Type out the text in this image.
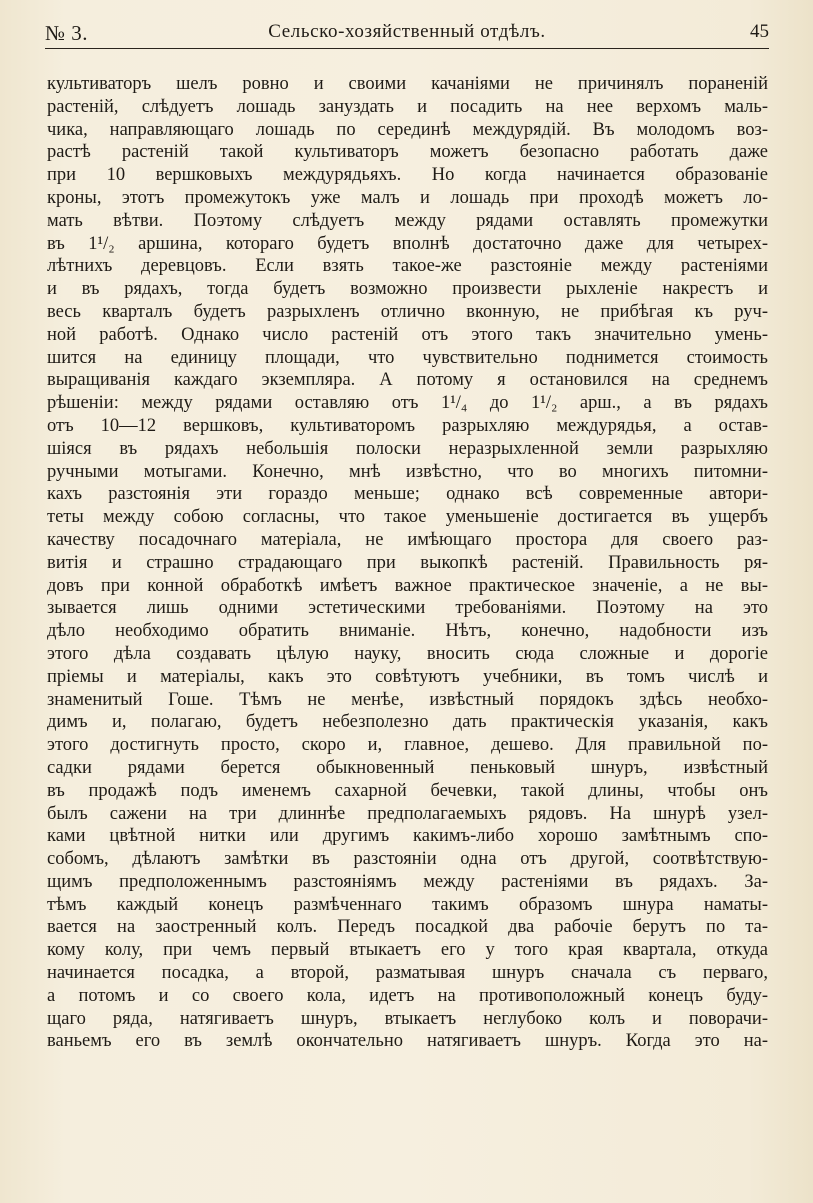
№ 3.	Сельско-хозяйственный отдѣлъ.	45
культиваторъ шелъ ровно и своими качаніями не причинялъ пораненій
растеній, слѣдуетъ лошадь зануздать и посадить на нее верхомъ маль-
чика, направляющаго лошадь по серединѣ междурядій. Въ молодомъ воз-
растѣ растеній такой культиваторъ можетъ безопасно работать даже
при 10 вершковыхъ междурядьяхъ. Но когда начинается образованіе
кроны, этотъ промежутокъ уже малъ и лошадь при проходѣ можетъ ло-
мать вѣтви. Поэтому слѣдуетъ между рядами оставлять промежутки
въ 1¹/₂ аршина, котораго будетъ вполнѣ достаточно даже для четырех-
лѣтнихъ деревцовъ. Если взять такое-же разстояніе между растеніями
и въ рядахъ, тогда будетъ возможно произвести рыхленіе накрестъ и
весь кварталъ будетъ разрыхленъ отлично вконную, не прибѣгая къ руч-
ной работѣ. Однако число растеній отъ этого такъ значительно умень-
шится на единицу площади, что чувствительно подниметcя стоимость
выращиванія каждаго экземпляра. А потому я остановился на среднемъ
рѣшеніи: между рядами оставляю отъ 1¹/₄ до 1¹/₂ арш., а въ рядахъ
отъ 10—12 вершковъ, культиваторомъ разрыхляю междурядья, а остав-
шіяся въ рядахъ небольшія полоски неразрыхленной земли разрыхляю
ручными мотыгами. Конечно, мнѣ извѣстно, что во многихъ питомни-
кахъ разстоянія эти гораздо меньше; однако всѣ современные автори-
теты между собою согласны, что такое уменьшеніе достигается въ ущербъ
качеству посадочнаго матеріала, не имѣющаго простора для своего раз-
витія и страшно страдающаго при выкопкѣ растеній. Правильность ря-
довъ при конной обработкѣ имѣетъ важное практическое значеніе, а не вы-
зывается лишь одними эстетическими требованіями. Поэтому на это
дѣло необходимо обратить вниманіе. Нѣтъ, конечно, надобности изъ
этого дѣла создавать цѣлую науку, вносить сюда сложные и дорогіе
пріемы и матеріалы, какъ это совѣтуютъ учебники, въ томъ числѣ и
знаменитый Гоше. Тѣмъ не менѣе, извѣстный порядокъ здѣсь необхо-
димъ и, полагаю, будетъ небезполезно дать практическія указанія, какъ
этого достигнуть просто, скоро и, главное, дешево. Для правильной по-
садки рядами берется обыкновенный пеньковый шнуръ, извѣстный
въ продажѣ подъ именемъ сахарной бечевки, такой длины, чтобы онъ
былъ сажени на три длиннѣе предполагаемыхъ рядовъ. На шнурѣ узел-
ками цвѣтной нитки или другимъ какимъ-либо хорошо замѣтнымъ спо-
собомъ, дѣлаютъ замѣтки въ разстояніи одна отъ другой, соотвѣтствую-
щимъ предположеннымъ разстояніямъ между растеніями въ рядахъ. За-
тѣмъ каждый конецъ размѣченнаго такимъ образомъ шнура наматы-
вается на заостренный колъ. Передъ посадкой два рабочіе берутъ по та-
кому колу, при чемъ первый втыкаетъ его у того края квартала, откуда
начинается посадка, а второй, разматывая шнуръ сначала съ перваго,
а потомъ и со своего кола, идетъ на противоположный конецъ буду-
щаго ряда, натягиваетъ шнуръ, втыкаетъ неглубоко колъ и поворачи-
ваньемъ его въ землѣ окончательно натягиваетъ шнуръ. Когда это на-
